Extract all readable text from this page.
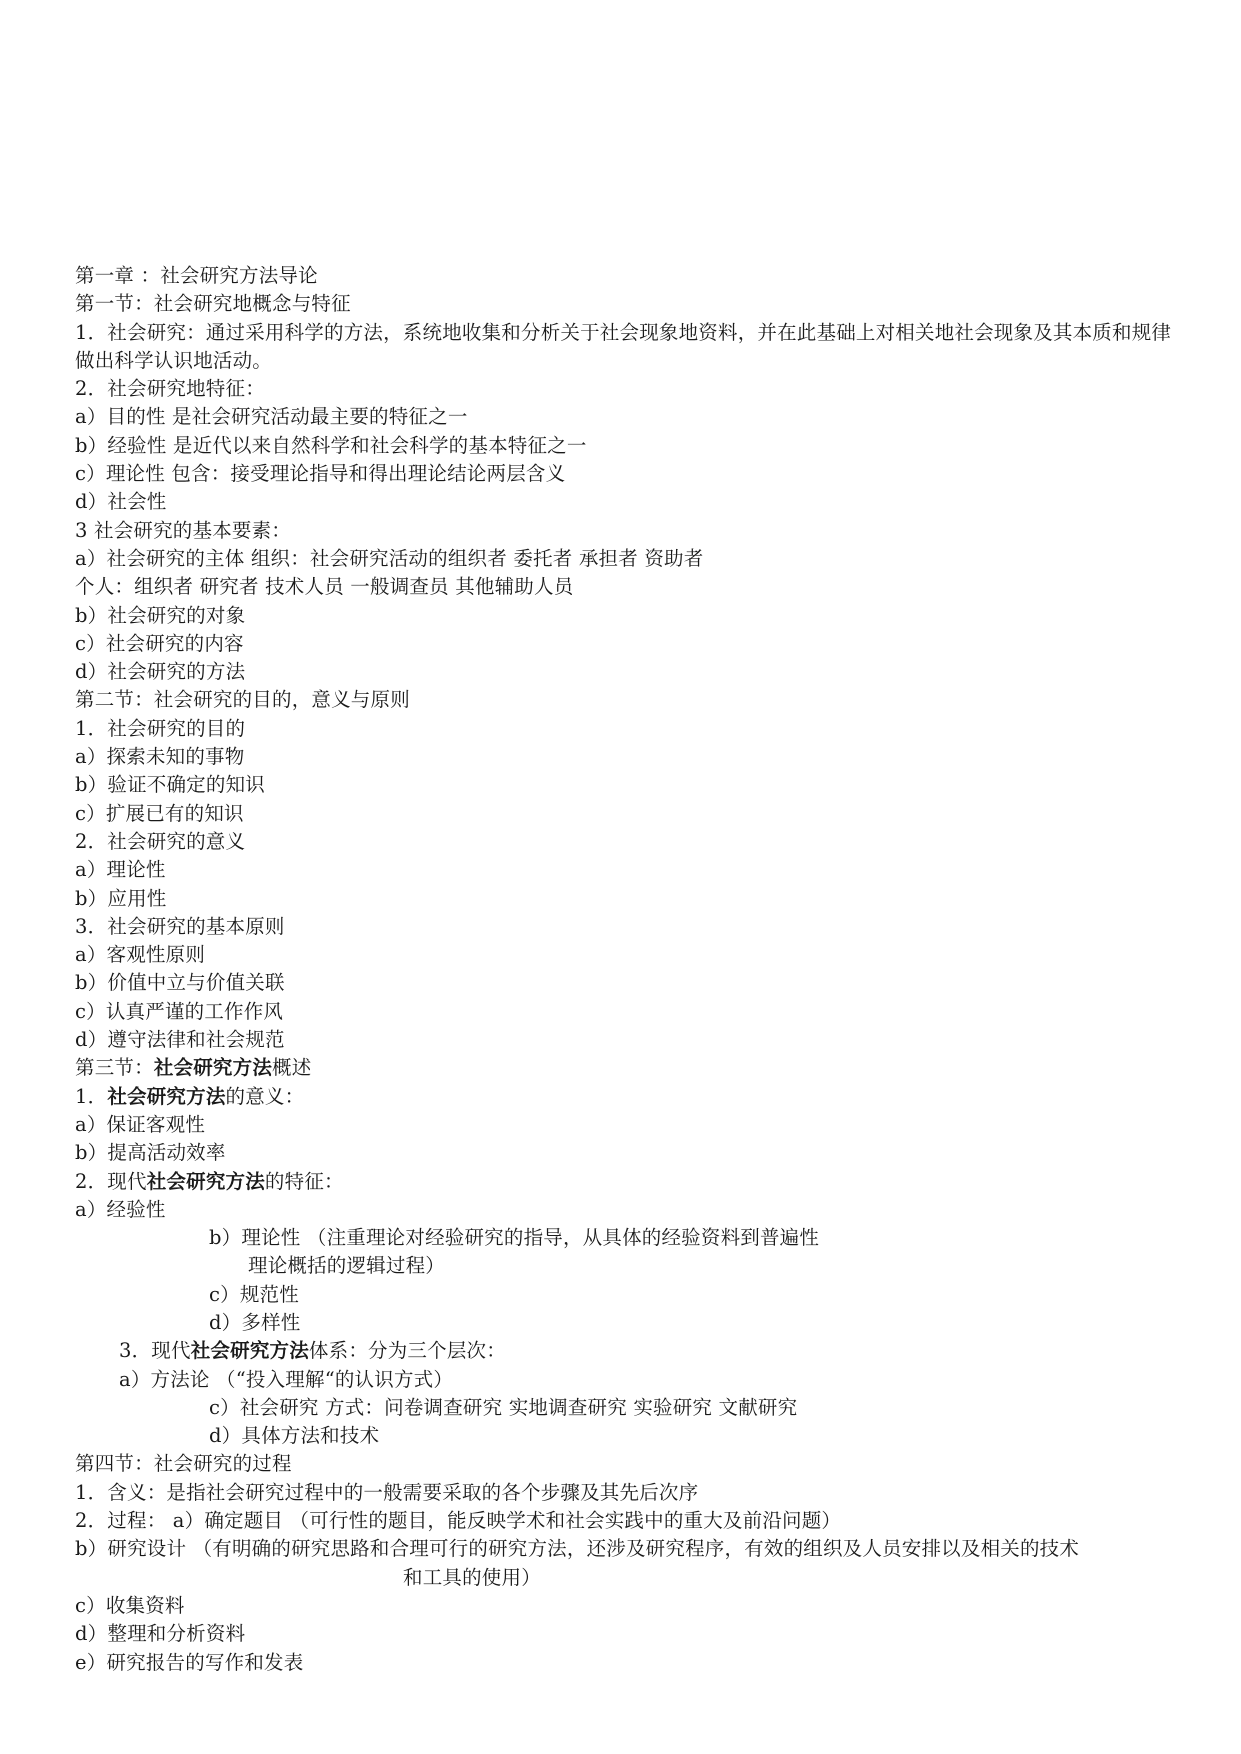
第一章 ：社会研究方法导论
第一节：社会研究地概念与特征
1．社会研究：通过采用科学的方法，系统地收集和分析关于社会现象地资料，并在此基础上对相关地社会现象及其本质和规律做出科学认识地活动。
2．社会研究地特征：
a）目的性 是社会研究活动最主要的特征之一
b）经验性 是近代以来自然科学和社会科学的基本特征之一
c）理论性 包含：接受理论指导和得出理论结论两层含义
d）社会性
3 社会研究的基本要素：
a）社会研究的主体 组织：社会研究活动的组织者 委托者 承担者 资助者
个人：组织者 研究者 技术人员 一般调查员 其他辅助人员
b）社会研究的对象
c）社会研究的内容
d）社会研究的方法
第二节：社会研究的目的，意义与原则
1．社会研究的目的
a）探索未知的事物
b）验证不确定的知识
c）扩展已有的知识
2．社会研究的意义
a）理论性
b）应用性
3．社会研究的基本原则
a）客观性原则
b）价值中立与价值关联
c）认真严谨的工作作风
d）遵守法律和社会规范
第三节：社会研究方法概述
1．社会研究方法的意义：
a）保证客观性
b）提高活动效率
2．现代社会研究方法的特征：
a）经验性
b）理论性 （注重理论对经验研究的指导，从具体的经验资料到普遍性
理论概括的逻辑过程）
c）规范性
d）多样性
3．现代社会研究方法体系：分为三个层次：
a）方法论 （“投入理解“的认识方式）
c）社会研究 方式：问卷调查研究 实地调查研究 实验研究 文献研究
d）具体方法和技术
第四节：社会研究的过程
1．含义：是指社会研究过程中的一般需要采取的各个步骤及其先后次序
2．过程： a）确定题目 （可行性的题目，能反映学术和社会实践中的重大及前沿问题）
b）研究设计 （有明确的研究思路和合理可行的研究方法，还涉及研究程序，有效的组织及人员安排以及相关的技术
和工具的使用）
c）收集资料
d）整理和分析资料
e）研究报告的写作和发表
